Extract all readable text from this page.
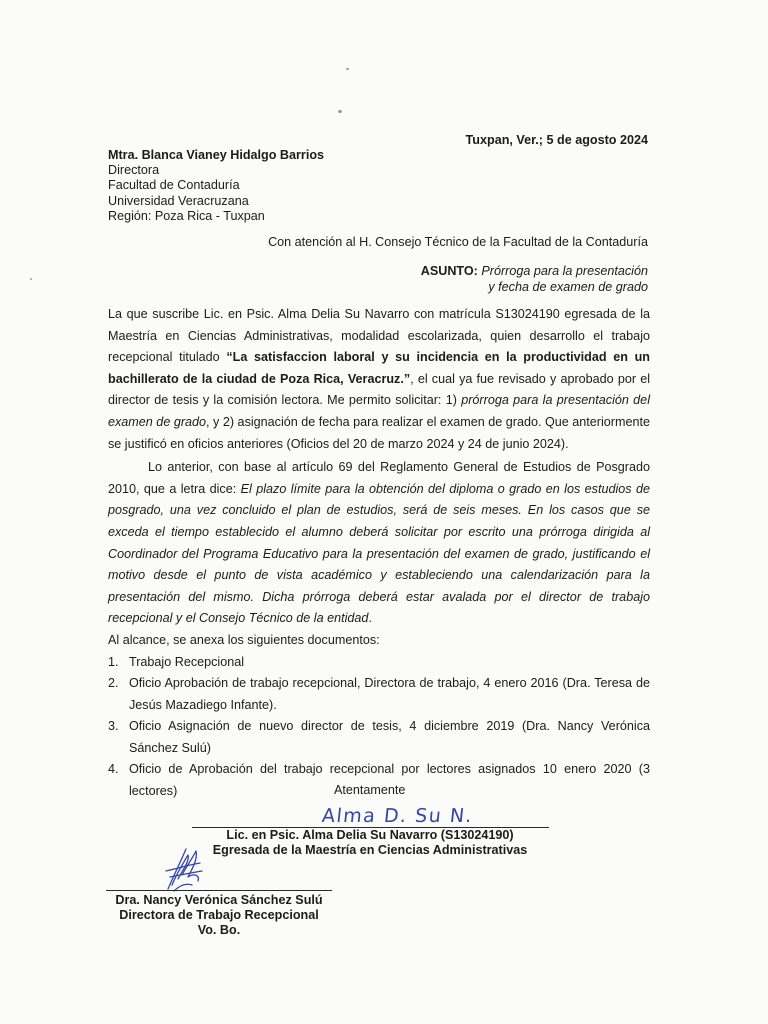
Tuxpan, Ver.; 5 de agosto 2024
Mtra. Blanca Vianey Hidalgo Barrios
Directora
Facultad de Contaduría
Universidad Veracruzana
Región: Poza Rica - Tuxpan
Con atención al H. Consejo Técnico de la Facultad de la Contaduría
ASUNTO: Prórroga para la presentación
y fecha de examen de grado

La que suscribe Lic. en Psic. Alma Delia Su Navarro con matrícula S13024190 egresada de la Maestría en Ciencias Administrativas, modalidad escolarizada, quien desarrollo el trabajo recepcional titulado “La satisfaccion laboral y su incidencia en la productividad en un bachillerato de la ciudad de Poza Rica, Veracruz.”, el cual ya fue revisado y aprobado por el director de tesis y la comisión lectora. Me permito solicitar: 1) prórroga para la presentación del examen de grado, y 2) asignación de fecha para realizar el examen de grado. Que anteriormente se justificó en oficios anteriores (Oficios del 20 de marzo 2024 y 24 de junio 2024).

Lo anterior, con base al artículo 69 del Reglamento General de Estudios de Posgrado 2010, que a letra dice: El plazo límite para la obtención del diploma o grado en los estudios de posgrado, una vez concluido el plan de estudios, será de seis meses. En los casos que se exceda el tiempo establecido el alumno deberá solicitar por escrito una prórroga dirigida al Coordinador del Programa Educativo para la presentación del examen de grado, justificando el motivo desde el punto de vista académico y estableciendo una calendarización para la presentación del mismo. Dicha prórroga deberá estar avalada por el director de trabajo recepcional y el Consejo Técnico de la entidad.

Al alcance, se anexa los siguientes documentos:

1. Trabajo Recepcional
2. Oficio Aprobación de trabajo recepcional, Directora de trabajo, 4 enero 2016 (Dra. Teresa de Jesús Mazadiego Infante).
3. Oficio Asignación de nuevo director de tesis, 4 diciembre 2019 (Dra. Nancy Verónica Sánchez Sulú)
4. Oficio de Aprobación del trabajo recepcional por lectores asignados 10 enero 2020 (3 lectores)	Atentamente
Alma D. Su N.
Lic. en Psic. Alma Delia Su Navarro (S13024190)
Egresada de la Maestría en Ciencias Administrativas
Dra. Nancy Verónica Sánchez Sulú
Directora de Trabajo Recepcional
Vo. Bo.
